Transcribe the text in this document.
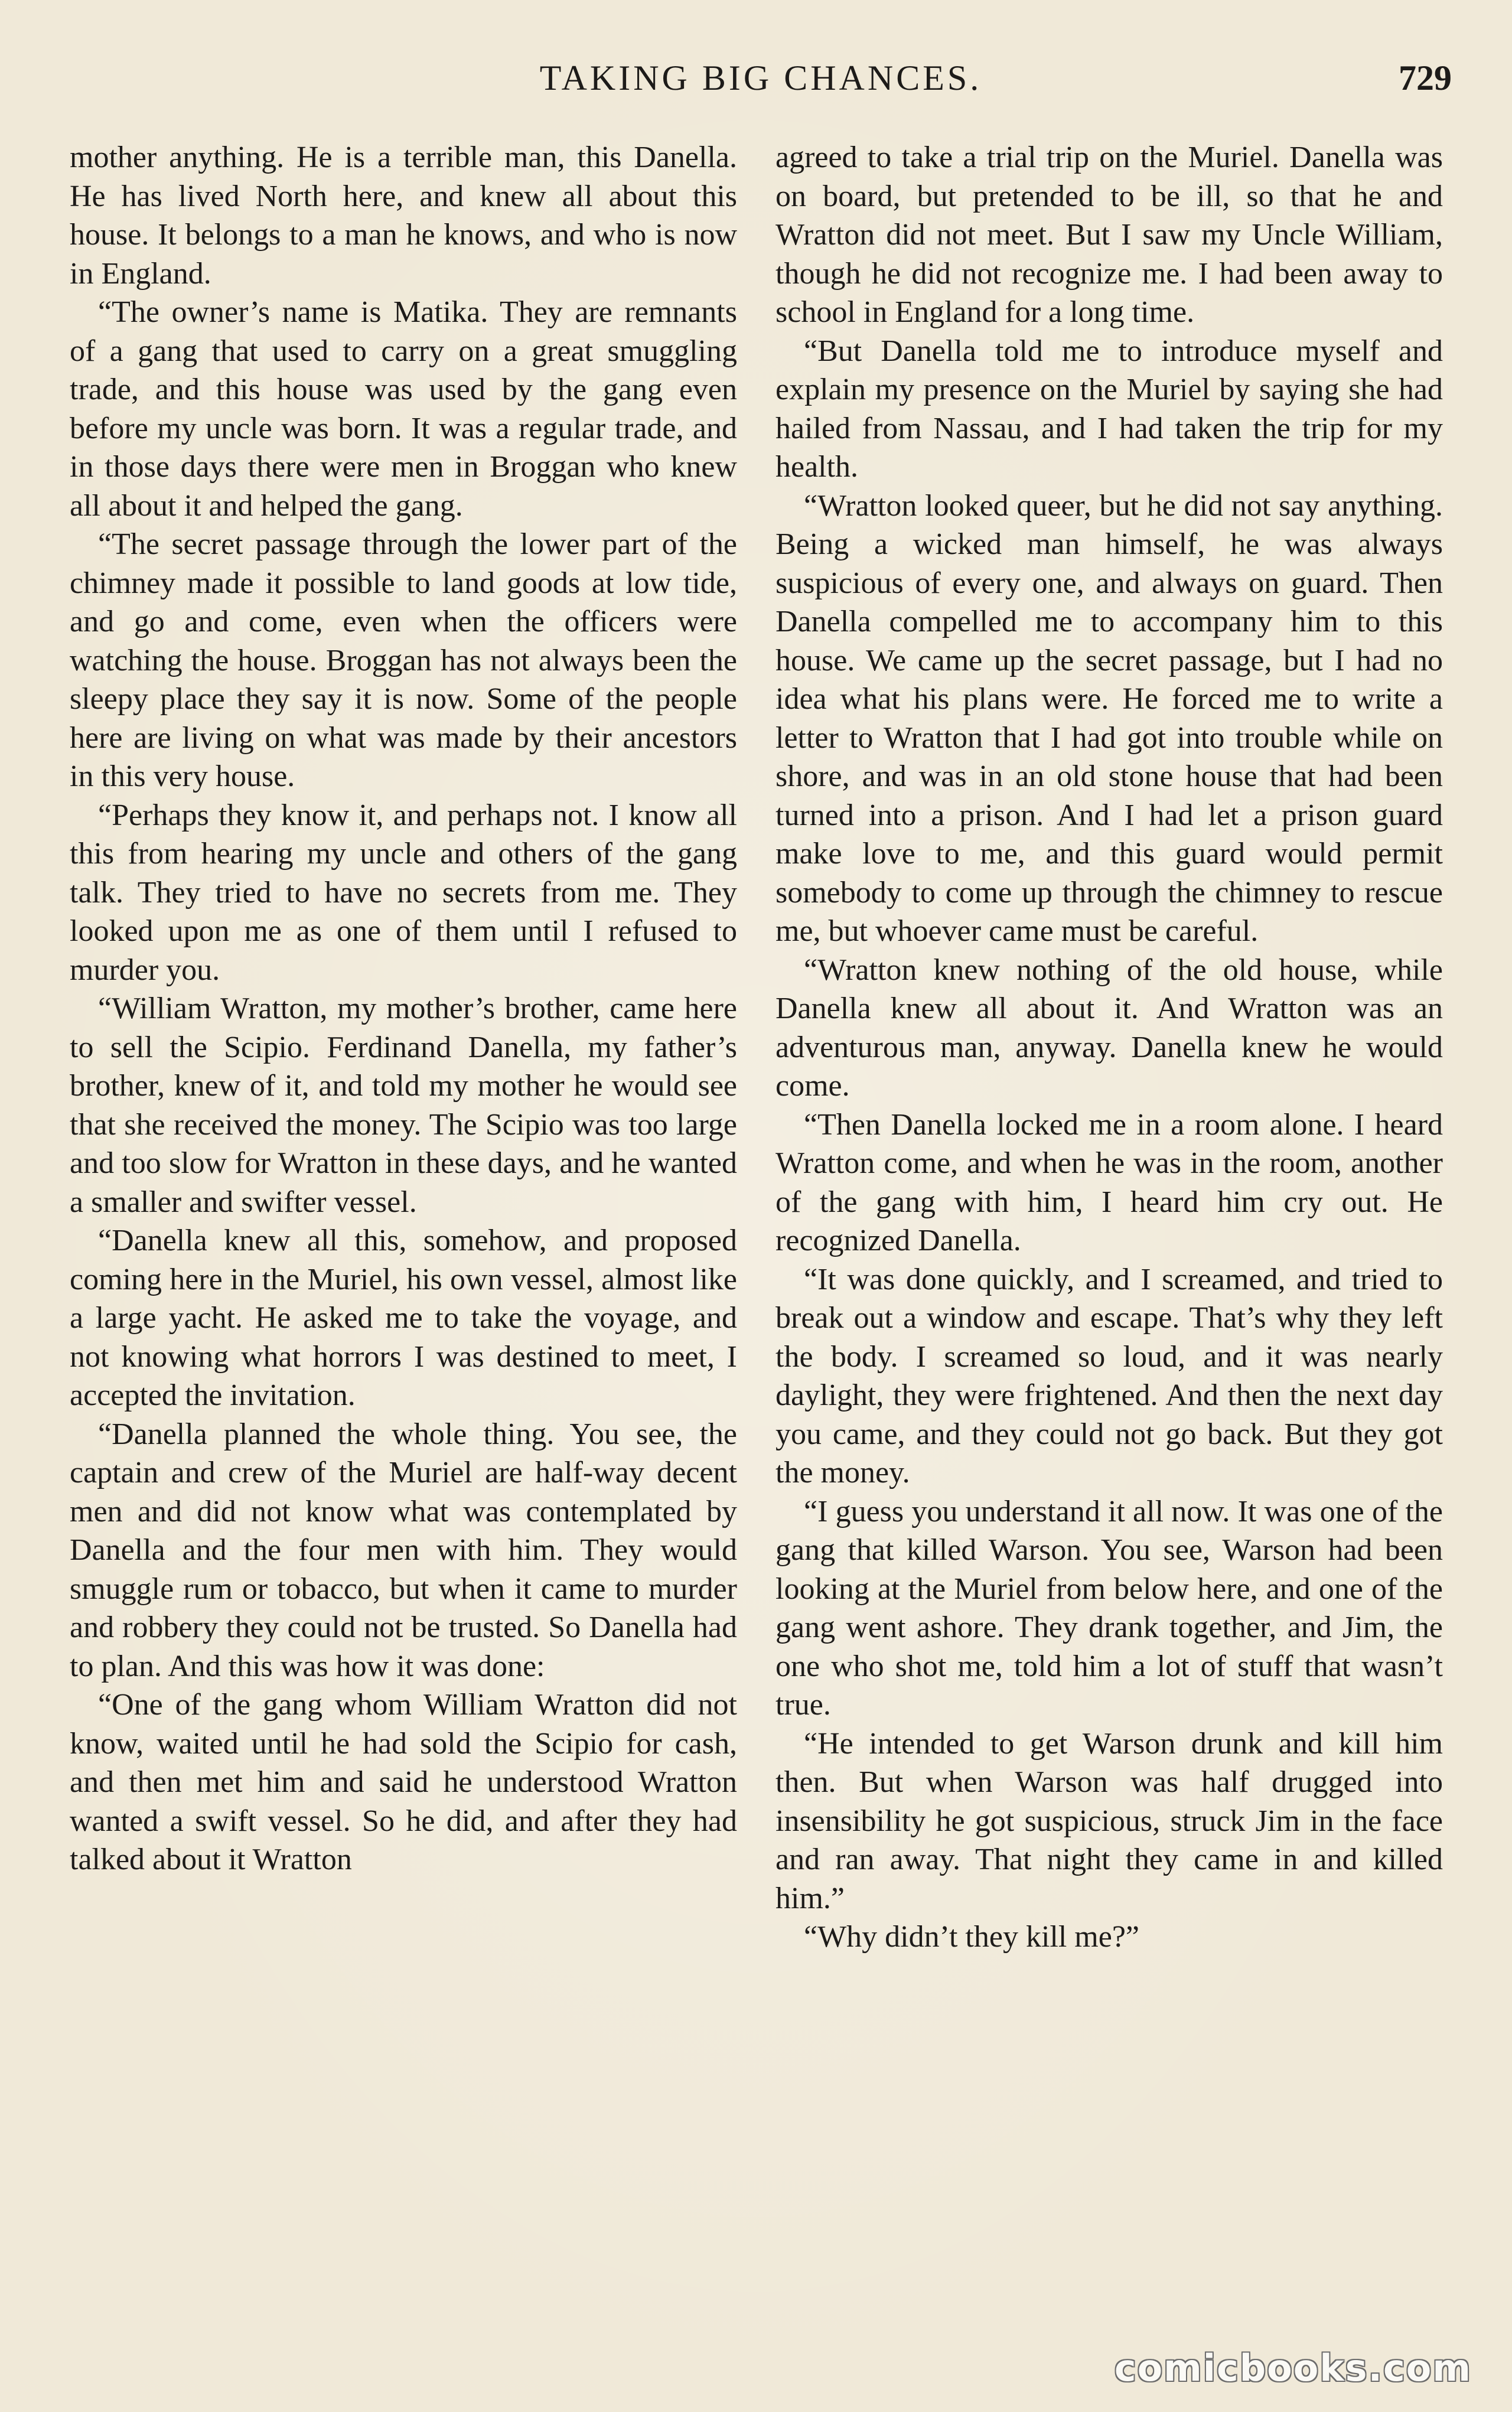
TAKING BIG CHANCES.	729

mother anything. He is a terrible man, this Danella. He has lived North here, and knew all about this house. It belongs to a man he knows, and who is now in England.

“The owner’s name is Matika. They are remnants of a gang that used to carry on a great smuggling trade, and this house was used by the gang even before my uncle was born. It was a regular trade, and in those days there were men in Broggan who knew all about it and helped the gang.

“The secret passage through the lower part of the chimney made it possible to land goods at low tide, and go and come, even when the officers were watching the house. Broggan has not always been the sleepy place they say it is now. Some of the people here are living on what was made by their ancestors in this very house.

“Perhaps they know it, and perhaps not. I know all this from hearing my uncle and others of the gang talk. They tried to have no secrets from me. They looked upon me as one of them until I refused to murder you.

“William Wratton, my mother’s brother, came here to sell the Scipio. Ferdinand Danella, my father’s brother, knew of it, and told my mother he would see that she received the money. The Scipio was too large and too slow for Wratton in these days, and he wanted a smaller and swifter vessel.

“Danella knew all this, somehow, and proposed coming here in the Muriel, his own vessel, almost like a large yacht. He asked me to take the voyage, and not knowing what horrors I was destined to meet, I accepted the invitation.

“Danella planned the whole thing. You see, the captain and crew of the Muriel are half-way decent men and did not know what was contemplated by Danella and the four men with him. They would smuggle rum or tobacco, but when it came to murder and robbery they could not be trusted. So Danella had to plan. And this was how it was done:

“One of the gang whom William Wratton did not know, waited until he had sold the Scipio for cash, and then met him and said he understood Wratton wanted a swift vessel. So he did, and after they had talked about it Wratton

agreed to take a trial trip on the Muriel. Danella was on board, but pretended to be ill, so that he and Wratton did not meet. But I saw my Uncle William, though he did not recognize me. I had been away to school in England for a long time.

“But Danella told me to introduce myself and explain my presence on the Muriel by saying she had hailed from Nassau, and I had taken the trip for my health.

“Wratton looked queer, but he did not say anything. Being a wicked man himself, he was always suspicious of every one, and always on guard. Then Danella compelled me to accompany him to this house. We came up the secret passage, but I had no idea what his plans were. He forced me to write a letter to Wratton that I had got into trouble while on shore, and was in an old stone house that had been turned into a prison. And I had let a prison guard make love to me, and this guard would permit somebody to come up through the chimney to rescue me, but whoever came must be careful.

“Wratton knew nothing of the old house, while Danella knew all about it. And Wratton was an adventurous man, anyway. Danella knew he would come.

“Then Danella locked me in a room alone. I heard Wratton come, and when he was in the room, another of the gang with him, I heard him cry out. He recognized Danella.

“It was done quickly, and I screamed, and tried to break out a window and escape. That’s why they left the body. I screamed so loud, and it was nearly daylight, they were frightened. And then the next day you came, and they could not go back. But they got the money.

“I guess you understand it all now. It was one of the gang that killed Warson. You see, Warson had been looking at the Muriel from below here, and one of the gang went ashore. They drank together, and Jim, the one who shot me, told him a lot of stuff that wasn’t true.

“He intended to get Warson drunk and kill him then. But when Warson was half drugged into insensibility he got suspicious, struck Jim in the face and ran away. That night they came in and killed him.”

“Why didn’t they kill me?”

comicbooks.com
